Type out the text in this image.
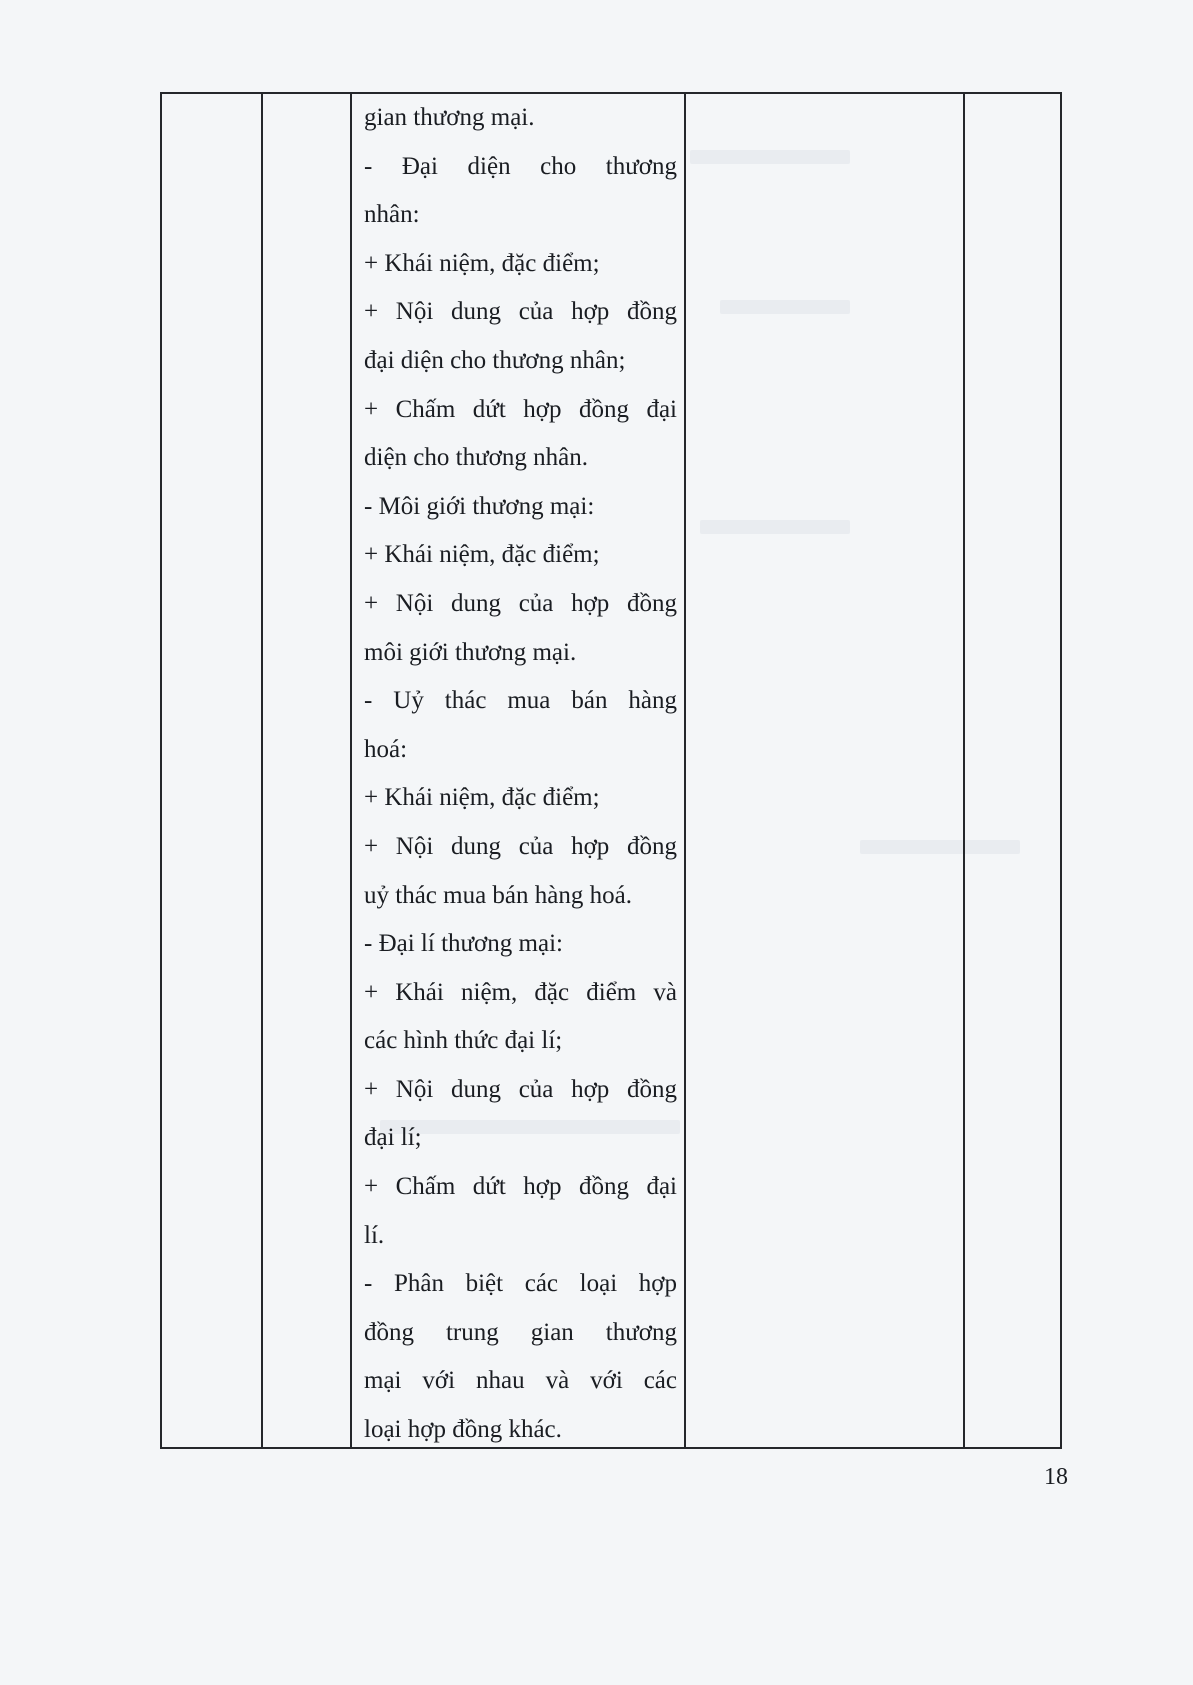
gian thương mại.
- Đại diện cho thương
nhân:
+ Khái niệm, đặc điểm;
+ Nội dung của hợp đồng
đại diện cho thương nhân;
+ Chấm dứt hợp đồng đại
diện cho thương nhân.
- Môi giới thương mại:
+ Khái niệm, đặc điểm;
+ Nội dung của hợp đồng
môi giới thương mại.
- Uỷ thác mua bán hàng
hoá:
+ Khái niệm, đặc điểm;
+ Nội dung của hợp đồng
uỷ thác mua bán hàng hoá.
- Đại lí thương mại:
+ Khái niệm, đặc điểm và
các hình thức đại lí;
+ Nội dung của hợp đồng
đại lí;
+ Chấm dứt hợp đồng đại
lí.
- Phân biệt các loại hợp
đồng trung gian thương
mại với nhau và với các
loại hợp đồng khác.
18
